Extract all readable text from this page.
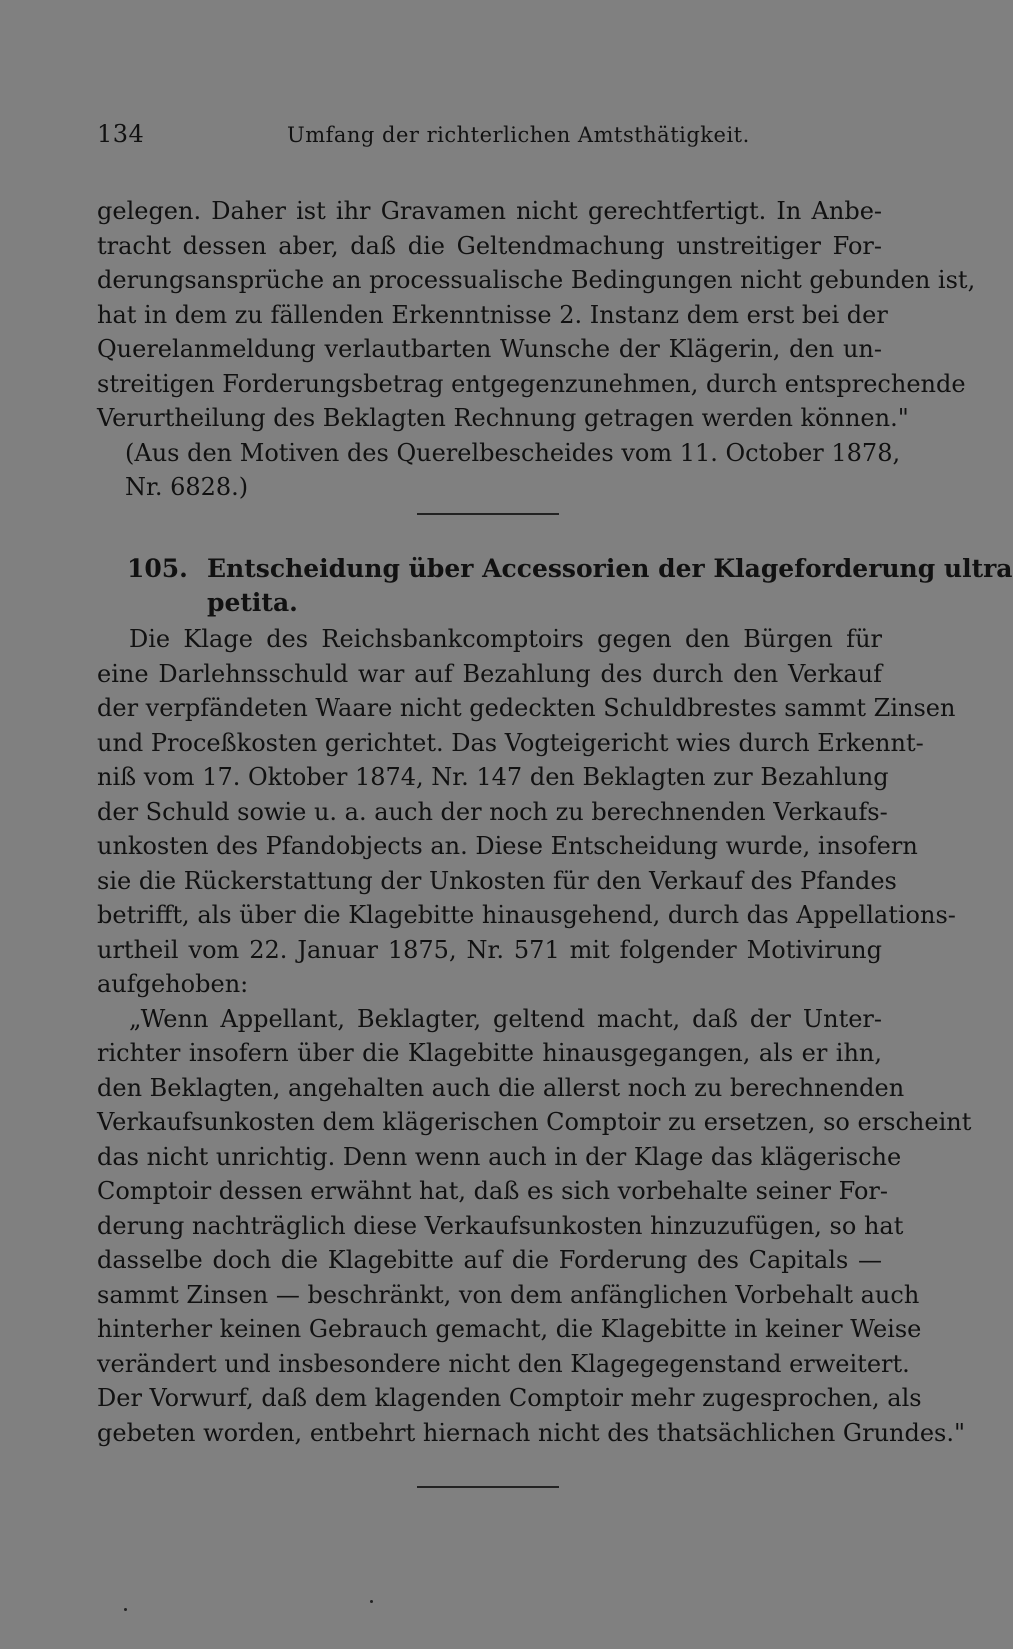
134	Umfang der richterlichen Amtsthätigkeit.
gelegen. Daher ist ihr Gravamen nicht gerechtfertigt. In Anbe-
tracht dessen aber, daß die Geltendmachung unstreitiger For-
derungsansprüche an processualische Bedingungen nicht gebunden ist,
hat in dem zu fällenden Erkenntnisse 2. Instanz dem erst bei der
Querelanmeldung verlautbarten Wunsche der Klägerin, den un-
streitigen Forderungsbetrag entgegenzunehmen, durch entsprechende
Verurtheilung des Beklagten Rechnung getragen werden können."
(Aus den Motiven des Querelbescheides vom 11. October 1878,
Nr. 6828.)
105. Entscheidung über Accessorien der Klageforderung ultra
petita.
Die Klage des Reichsbankcomptoirs gegen den Bürgen für
eine Darlehnsschuld war auf Bezahlung des durch den Verkauf
der verpfändeten Waare nicht gedeckten Schuldbrestes sammt Zinsen
und Proceßkosten gerichtet. Das Vogteigericht wies durch Erkennt-
niß vom 17. Oktober 1874, Nr. 147 den Beklagten zur Bezahlung
der Schuld sowie u. a. auch der noch zu berechnenden Verkaufs-
unkosten des Pfandobjects an. Diese Entscheidung wurde, insofern
sie die Rückerstattung der Unkosten für den Verkauf des Pfandes
betrifft, als über die Klagebitte hinausgehend, durch das Appellations-
urtheil vom 22. Januar 1875, Nr. 571 mit folgender Motivirung
aufgehoben:
„Wenn Appellant, Beklagter, geltend macht, daß der Unter-
richter insofern über die Klagebitte hinausgegangen, als er ihn,
den Beklagten, angehalten auch die allerst noch zu berechnenden
Verkaufsunkosten dem klägerischen Comptoir zu ersetzen, so erscheint
das nicht unrichtig. Denn wenn auch in der Klage das klägerische
Comptoir dessen erwähnt hat, daß es sich vorbehalte seiner For-
derung nachträglich diese Verkaufsunkosten hinzuzufügen, so hat
dasselbe doch die Klagebitte auf die Forderung des Capitals —
sammt Zinsen — beschränkt, von dem anfänglichen Vorbehalt auch
hinterher keinen Gebrauch gemacht, die Klagebitte in keiner Weise
verändert und insbesondere nicht den Klagegegenstand erweitert.
Der Vorwurf, daß dem klagenden Comptoir mehr zugesprochen, als
gebeten worden, entbehrt hiernach nicht des thatsächlichen Grundes."
